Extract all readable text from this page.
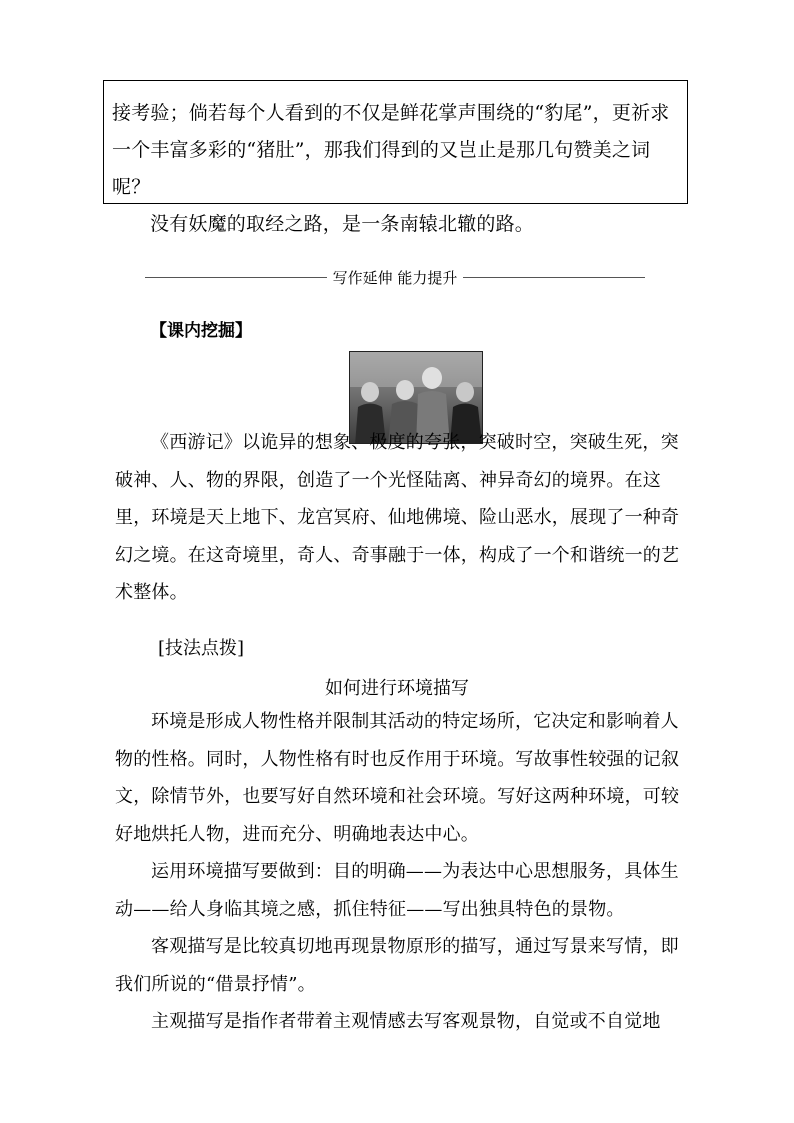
接考验；倘若每个人看到的不仅是鲜花掌声围绕的“豹尾”，更祈求一个丰富多彩的“猪肚”，那我们得到的又岂止是那几句赞美之词呢？

没有妖魔的取经之路，是一条南辕北辙的路。

写作延伸 能力提升
【课内挖掘】

《西游记》以诡异的想象、极度的夸张，突破时空，突破生死，突破神、人、物的界限，创造了一个光怪陆离、神异奇幻的境界。在这里，环境是天上地下、龙宫冥府、仙地佛境、险山恶水，展现了一种奇幻之境。在这奇境里，奇人、奇事融于一体，构成了一个和谐统一的艺术整体。

[技法点拨]
如何进行环境描写

环境是形成人物性格并限制其活动的特定场所，它决定和影响着人物的性格。同时，人物性格有时也反作用于环境。写故事性较强的记叙文，除情节外，也要写好自然环境和社会环境。写好这两种环境，可较好地烘托人物，进而充分、明确地表达中心。

运用环境描写要做到：目的明确——为表达中心思想服务，具体生动——给人身临其境之感，抓住特征——写出独具特色的景物。

客观描写是比较真切地再现景物原形的描写，通过写景来写情，即我们所说的“借景抒情”。

主观描写是指作者带着主观情感去写客观景物，自觉或不自觉地
